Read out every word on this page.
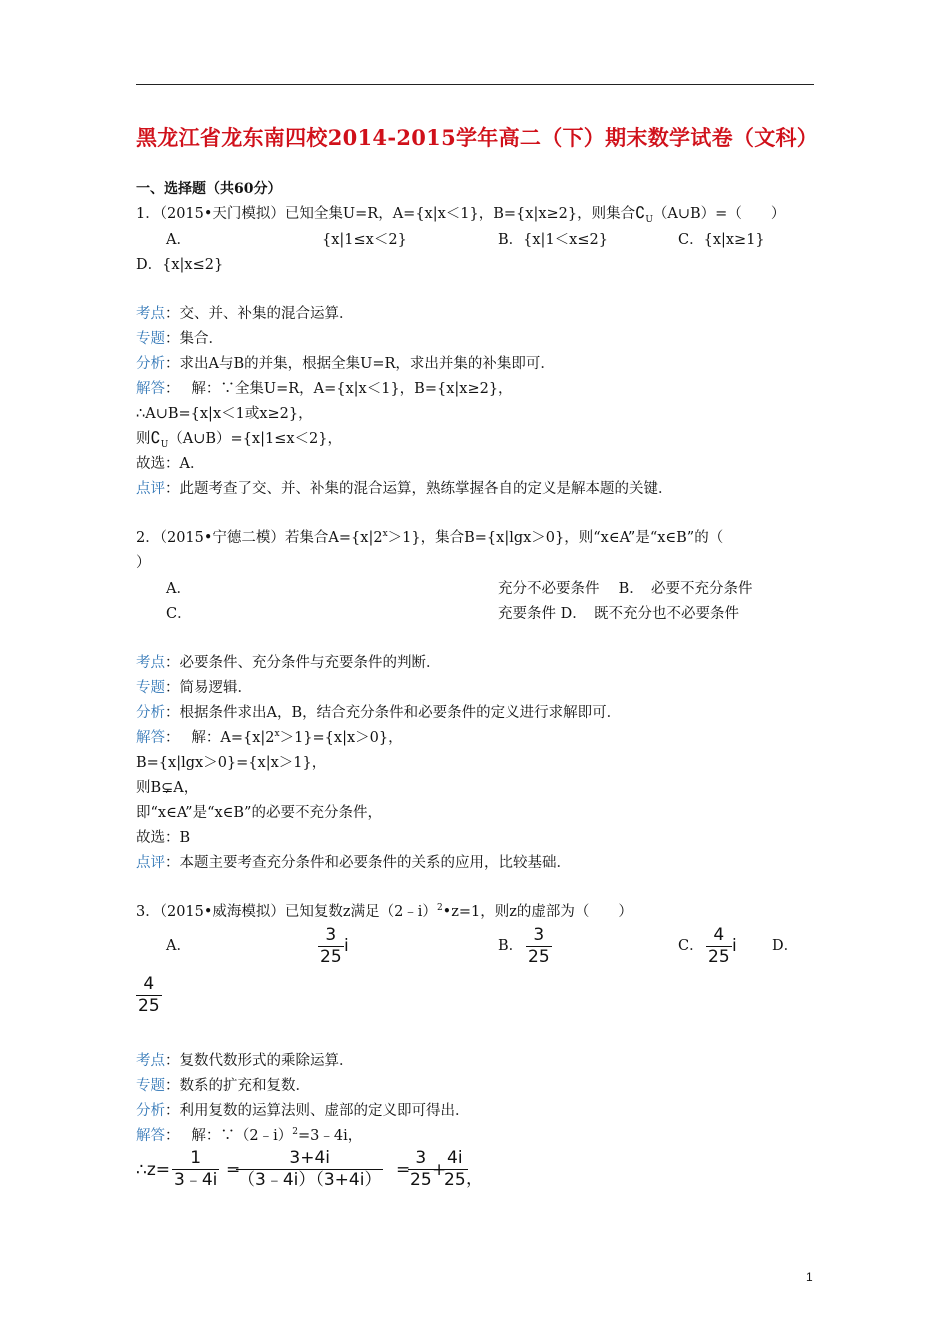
黑龙江省龙东南四校2014-2015学年高二（下）期末数学试卷（文科）
一、选择题（共60分）
1．（2015•天门模拟）已知全集U=R，A={x|x＜1}，B={x|x≥2}，则集合$∁_U(A\cup B)=$（　　）
A．	{x|1≤x＜2}	B．{x|1＜x≤2}	C．{x|x≥1}
D．{x|x≤2}
考点：交、并、补集的混合运算．
专题：集合．
分析：求出A与B的并集，根据全集U=R，求出并集的补集即可．
解答：　 解：∵全集U=R，A={x|x＜1}，B={x|x≥2}，
∴A∪B={x|x＜1或x≥2}，
则$∁_U(A\cup B)=\{x|1\le x<2\}$，
故选：A．
点评：此题考查了交、并、补集的混合运算，熟练掌握各自的定义是解本题的关键．
2．（2015•宁德二模）若集合$A=\{x|2^x>1\}$，集合B={x|lgx＞0}，则“x∈A”是“x∈B”的（
）
A．	充分不必要条件　 B．　必要不充分条件
C．	充要条件 D．　既不充分也不必要条件
考点：必要条件、充分条件与充要条件的判断．
专题：简易逻辑．
分析：根据条件求出A，B，结合充分条件和必要条件的定义进行求解即可．
解答：　 解：$A=\{x|2^x>1\}=\{x|x>0\}$，
B={x|lgx＞0}={x|x＞1}，
则B⊊A，
即“x∈A”是“x∈B”的必要不充分条件，
故选：B
点评：本题主要考查充分条件和必要条件的关系的应用，比较基础．
3．（2015•威海模拟）已知复数z满足（2﹣i）$^2$•z=1，则z的虚部为（　　）
A．	$\frac{3}{25}$ i	B． $\frac{3}{25}$	C． $\frac{4}{25}$ i D．
$\frac{4}{25}$
考点：复数代数形式的乘除运算．
专题：数系的扩充和复数．
分析：利用复数的运算法则、虚部的定义即可得出．
解答：　 解：∵（2﹣i）$^2$=3﹣4i，
∴z= $\frac{1}{3﹣4i}$ =
$\frac{3+4i}{(3﹣4i)(3+4i)}$ =
$\frac{3}{25}$
+
$\frac{4i}{25}$
，
1
